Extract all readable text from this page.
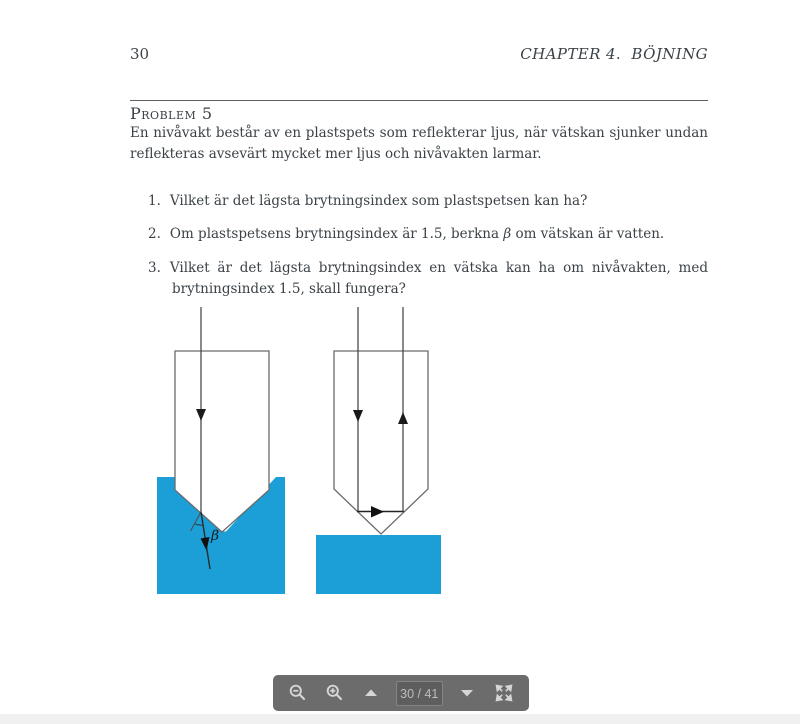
30	CHAPTER 4.  BÖJNING
Problem 5
En nivåvakt består av en plastspets som reflekterar ljus, när vätskan sjunker undan
reflekteras avsevärt mycket mer ljus och nivåvakten larmar.
1. Vilket är det lägsta brytningsindex som plastspetsen kan ha?
2. Om plastspetsens brytningsindex är 1.5, berkna β om vätskan är vatten.
3. Vilket är det lägsta brytningsindex en vätska kan ha om nivåvakten, med
brytningsindex 1.5, skall fungera?
β
30 / 41
